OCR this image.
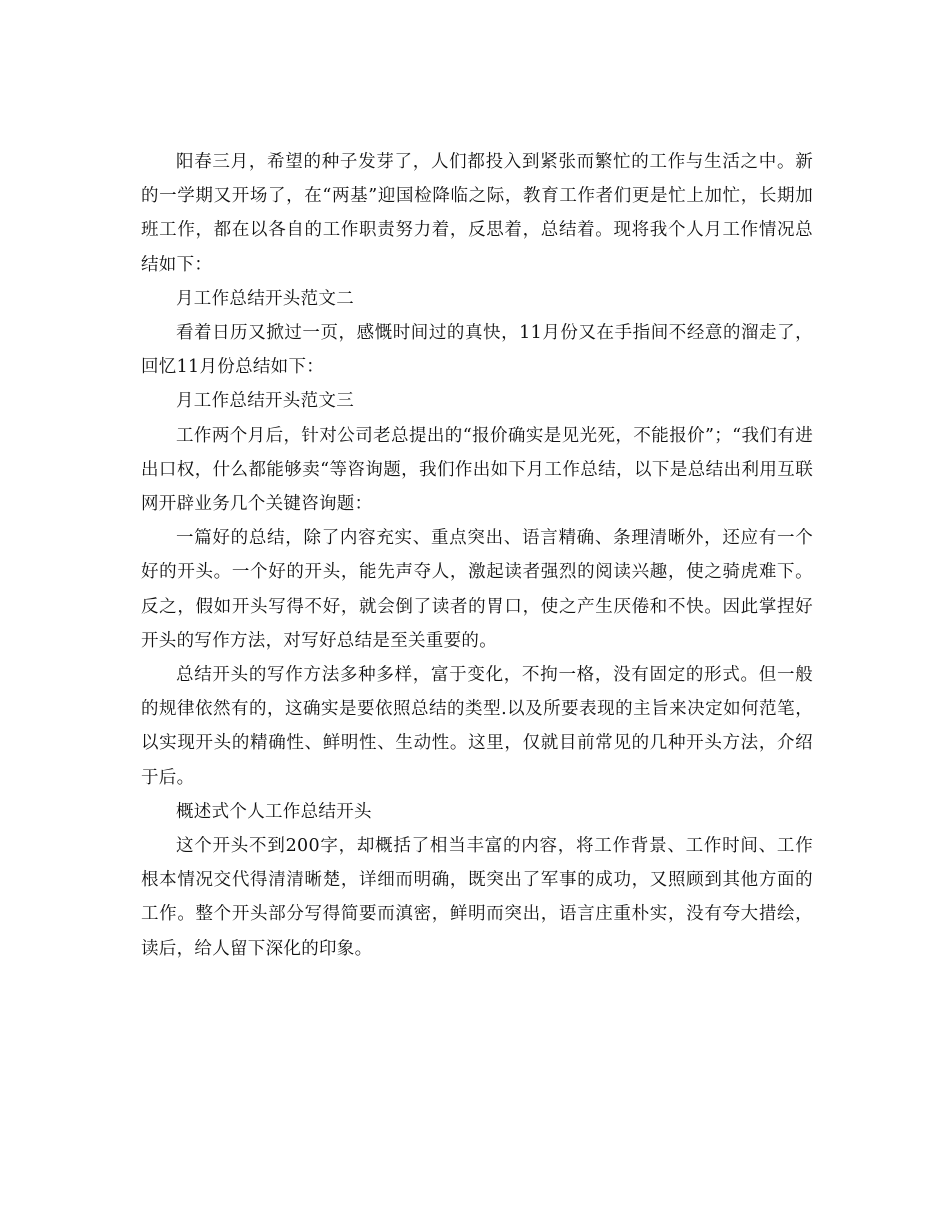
阳春三月，希望的种子发芽了，人们都投入到紧张而繁忙的工作与生活之中。新的一学期又开场了，在“两基”迎国检降临之际，教育工作者们更是忙上加忙，长期加班工作，都在以各自的工作职责努力着，反思着，总结着。现将我个人月工作情况总结如下：

月工作总结开头范文二

看着日历又掀过一页，感慨时间过的真快，11月份又在手指间不经意的溜走了，回忆11月份总结如下：

月工作总结开头范文三

工作两个月后，针对公司老总提出的“报价确实是见光死，不能报价”；“我们有进出口权，什么都能够卖“等咨询题，我们作出如下月工作总结，以下是总结出利用互联网开辟业务几个关键咨询题：

一篇好的总结，除了内容充实、重点突出、语言精确、条理清晰外，还应有一个好的开头。一个好的开头，能先声夺人，激起读者强烈的阅读兴趣，使之骑虎难下。反之，假如开头写得不好，就会倒了读者的胃口，使之产生厌倦和不快。因此掌捏好开头的写作方法，对写好总结是至关重要的。

总结开头的写作方法多种多样，富于变化，不拘一格，没有固定的形式。但一般的规律依然有的，这确实是要依照总结的类型.以及所要表现的主旨来决定如何范笔，以实现开头的精确性、鲜明性、生动性。这里，仅就目前常见的几种开头方法，介绍于后。

概述式个人工作总结开头

这个开头不到200字，却概括了相当丰富的内容，将工作背景、工作时间、工作根本情况交代得清清晰楚，详细而明确，既突出了军事的成功，又照顾到其他方面的工作。整个开头部分写得简要而滇密，鲜明而突出，语言庄重朴实，没有夸大措绘，读后，给人留下深化的印象。
